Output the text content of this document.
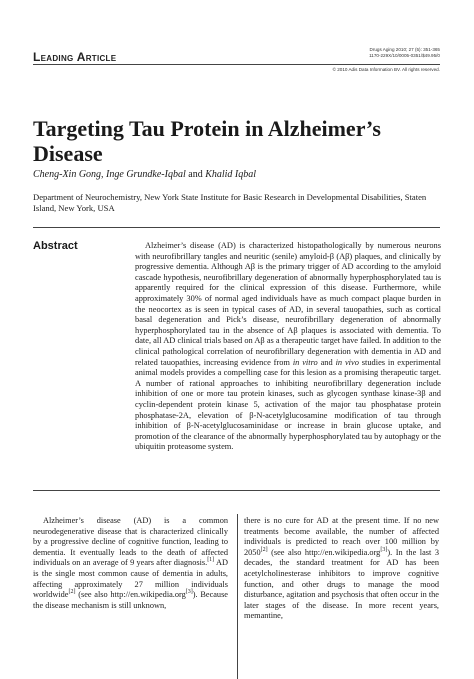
Leading Article
Drugs Aging 2010; 27 (5): 351-365
1170-229X/10/0005-0351/$49.95/0
© 2010 Adis Data Information BV. All rights reserved.
Targeting Tau Protein in Alzheimer’s Disease
Cheng-Xin Gong, Inge Grundke-Iqbal and Khalid Iqbal
Department of Neurochemistry, New York State Institute for Basic Research in Developmental Disabilities, Staten Island, New York, USA
Abstract	Alzheimer’s disease (AD) is characterized histopathologically by numerous neurons with neurofibrillary tangles and neuritic (senile) amyloid-β (Aβ) plaques, and clinically by progressive dementia. Although Aβ is the primary trigger of AD according to the amyloid cascade hypothesis, neurofibrillary degeneration of abnormally hyperphosphorylated tau is apparently required for the clinical expression of this disease. Furthermore, while approximately 30% of normal aged individuals have as much compact plaque burden in the neocortex as is seen in typical cases of AD, in several tauopathies, such as cortical basal degeneration and Pick’s disease, neurofibrillary degeneration of abnormally hyperphosphorylated tau in the absence of Aβ plaques is associated with dementia. To date, all AD clinical trials based on Aβ as a therapeutic target have failed. In addition to the clinical pathological correlation of neurofibrillary degeneration with dementia in AD and related tauopathies, increasing evidence from in vitro and in vivo studies in experimental animal models provides a compelling case for this lesion as a promising therapeutic target. A number of rational approaches to inhibiting neurofibrillary degeneration include inhibition of one or more tau protein kinases, such as glycogen synthase kinase-3β and cyclin-dependent protein kinase 5, activation of the major tau phosphatase protein phosphatase-2A, elevation of β-N-acetylglucosamine modification of tau through inhibition of β-N-acetylglucosaminidase or increase in brain glucose uptake, and promotion of the clearance of the abnormally hyperphosphorylated tau by autophagy or the ubiquitin proteasome system.

Alzheimer’s disease (AD) is a common neurodegenerative disease that is characterized clinically by a progressive decline of cognitive function, leading to dementia. It eventually leads to the death of affected individuals on an average of 9 years after diagnosis.[1] AD is the single most common cause of dementia in adults, affecting approximately 27 million individuals worldwide[2] (see also http://en.wikipedia.org[3]). Because the disease mechanism is still unknown,

there is no cure for AD at the present time. If no new treatments become available, the number of affected individuals is predicted to reach over 100 million by 2050[2] (see also http://en.wikipedia.org[3]). In the last 3 decades, the standard treatment for AD has been acetylcholinesterase inhibitors to improve cognitive function, and other drugs to manage the mood disturbance, agitation and psychosis that often occur in the later stages of the disease. In more recent years, memantine,
